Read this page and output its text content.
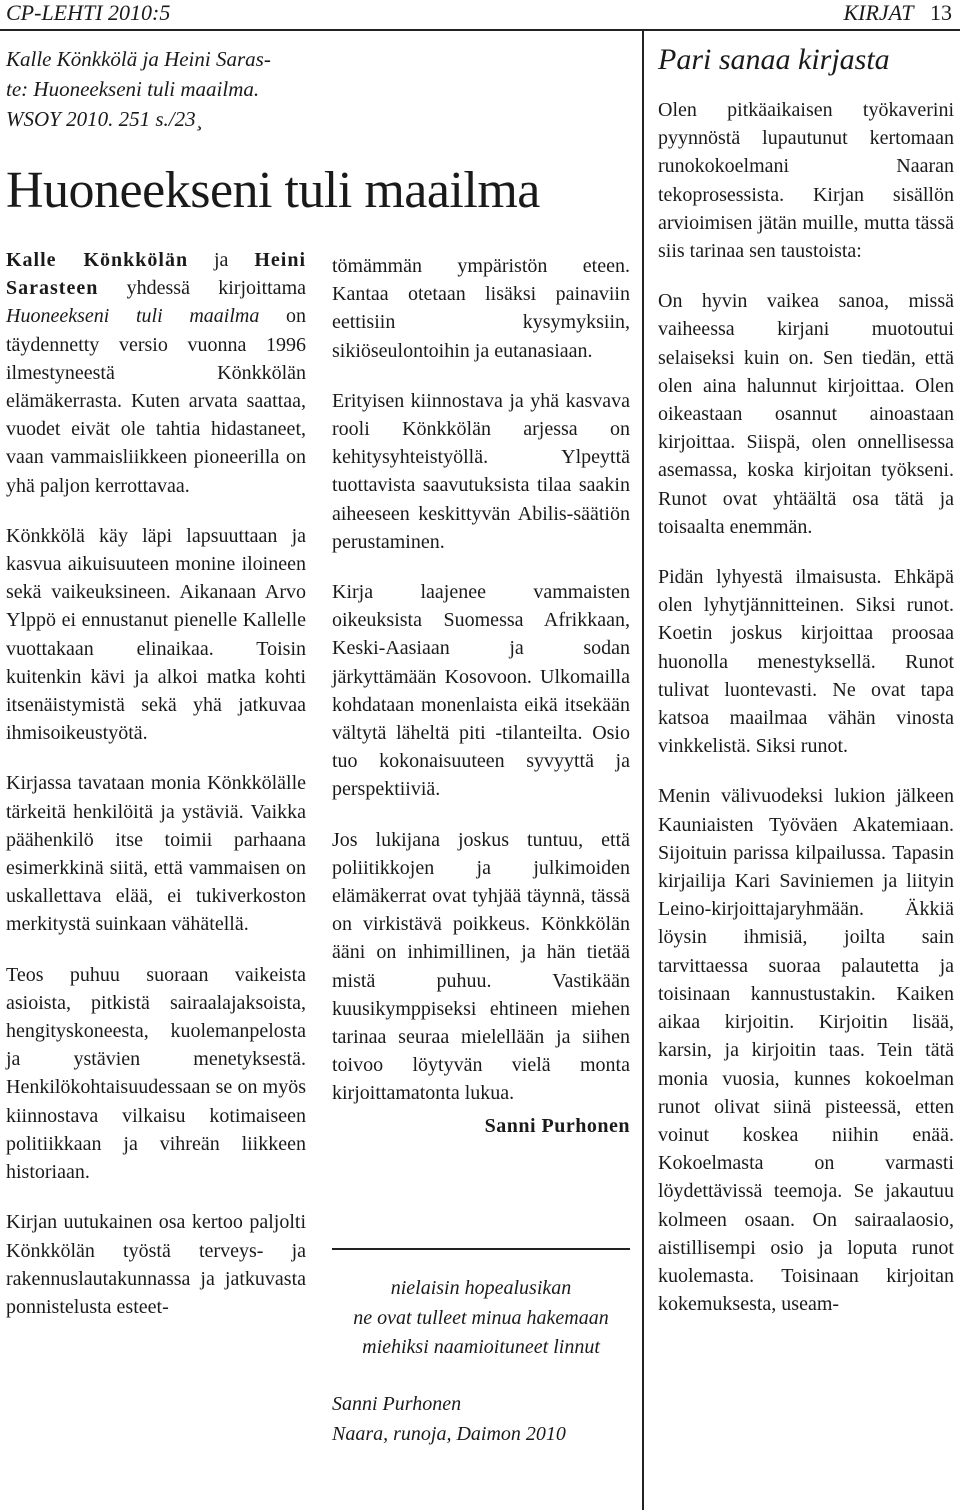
CP-LEHTI 2010:5	KIRJAT 13
Kalle Könkkölä ja Heini Saras-
te: Huoneekseni tuli maailma.
WSOY 2010. 251 s./23¸
Huoneekseni tuli maailma

Kalle Könkkölän ja Heini Sarasteen yhdessä kirjoittama Huoneekseni tuli maailma on täydennetty versio vuonna 1996 ilmestyneestä Könkkölän elämäkerrasta. Kuten arvata saattaa, vuodet eivät ole tahtia hidastaneet, vaan vammaisliikkeen pioneerilla on yhä paljon kerrottavaa.

Könkkölä käy läpi lapsuuttaan ja kasvua aikuisuuteen monine iloineen sekä vaikeuksineen. Aikanaan Arvo Ylppö ei ennustanut pienelle Kallelle vuottakaan elinaikaa. Toisin kuitenkin kävi ja alkoi matka kohti itsenäistymistä sekä yhä jatkuvaa ihmisoikeustyötä.

Kirjassa tavataan monia Könkkölälle tärkeitä henkilöitä ja ystäviä. Vaikka päähenkilö itse toimii parhaana esimerkkinä siitä, että vammaisen on uskallettava elää, ei tukiverkoston merkitystä suinkaan vähätellä.

Teos puhuu suoraan vaikeista asioista, pitkistä sairaalajaksoista, hengityskoneesta, kuolemanpelosta ja ystävien menetyksestä. Henkilökohtaisuudessaan se on myös kiinnostava vilkaisu kotimaiseen politiikkaan ja vihreän liikkeen historiaan.

Kirjan uutukainen osa kertoo paljolti Könkkölän työstä terveys- ja rakennuslautakunnassa ja jatkuvasta ponnistelusta esteet-

tömämmän ympäristön eteen. Kantaa otetaan lisäksi painaviin eettisiin kysymyksiin, sikiöseulontoihin ja eutanasiaan.

Erityisen kiinnostava ja yhä kasvava rooli Könkkölän arjessa on kehitysyhteistyöllä. Ylpeyttä tuottavista saavutuksista tilaa saakin aiheeseen keskittyvän Abilis-säätiön perustaminen.

Kirja laajenee vammaisten oikeuksista Suomessa Afrikkaan, Keski-Aasiaan ja sodan järkyttämään Kosovoon. Ulkomailla kohdataan monenlaista eikä itsekään vältytä läheltä piti -tilanteilta. Osio tuo kokonaisuuteen syvyyttä ja perspektiiviä.

Jos lukijana joskus tuntuu, että poliitikkojen ja julkimoiden elämäkerrat ovat tyhjää täynnä, tässä on virkistävä poikkeus. Könkkölän ääni on inhimillinen, ja hän tietää mistä puhuu. Vastikään kuusikymppiseksi ehtineen miehen tarinaa seuraa mielellään ja siihen toivoo löytyvän vielä monta kirjoittamatonta lukua.

Sanni Purhonen
nielaisin hopealusikan
ne ovat tulleet minua hakemaan
miehiksi naamioituneet linnut
Sanni Purhonen
Naara, runoja, Daimon 2010
Pari sanaa kirjasta

Olen pitkäaikaisen työkaverini pyynnöstä lupautunut kertomaan runokokoelmani Naaran tekoprosessista. Kirjan sisällön arvioimisen jätän muille, mutta tässä siis tarinaa sen taustoista:

On hyvin vaikea sanoa, missä vaiheessa kirjani muotoutui selaiseksi kuin on. Sen tiedän, että olen aina halunnut kirjoittaa. Olen oikeastaan osannut ainoastaan kirjoittaa. Siispä, olen onnellisessa asemassa, koska kirjoitan työkseni. Runot ovat yhtäältä osa tätä ja toisaalta enemmän.

Pidän lyhyestä ilmaisusta. Ehkäpä olen lyhytjännitteinen. Siksi runot. Koetin joskus kirjoittaa proosaa huonolla menestyksellä. Runot tulivat luontevasti. Ne ovat tapa katsoa maailmaa vähän vinosta vinkkelistä. Siksi runot.

Menin välivuodeksi lukion jälkeen Kauniaisten Työväen Akatemiaan. Sijoituin parissa kilpailussa. Tapasin kirjailija Kari Saviniemen ja liityin Leino-kirjoittajaryhmään. Äkkiä löysin ihmisiä, joilta sain tarvittaessa suoraa palautetta ja toisinaan kannustustakin. Kaiken aikaa kirjoitin. Kirjoitin lisää, karsin, ja kirjoitin taas. Tein tätä monia vuosia, kunnes kokoelman runot olivat siinä pisteessä, etten voinut koskea niihin enää. Kokoelmasta on varmasti löydettävissä teemoja. Se jakautuu kolmeen osaan. On sairaalaosio, aistillisempi osio ja loputa runot kuolemasta. Toisinaan kirjoitan kokemuksesta, useam-
